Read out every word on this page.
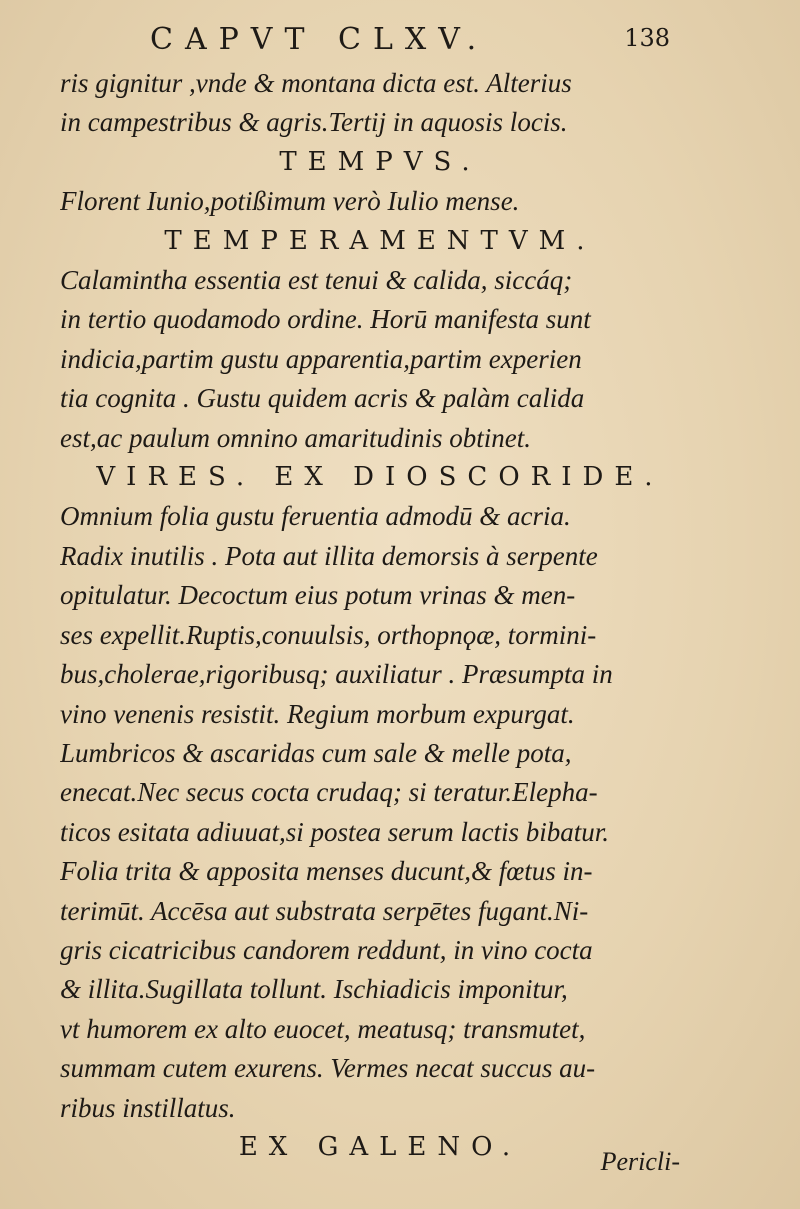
CAPVT CLXV.	138
ris gignitur ,vnde & montana dicta est. Alterius
in campestribus & agris.Tertij in aquosis locis.
TEMPVS.
Florent Iunio,potißimum verò Iulio mense.
TEMPERAMENTVM.
Calamintha essentia est tenui & calida, siccáq;
in tertio quodamodo ordine. Horū manifesta sunt
indicia,partim gustu apparentia,partim experien
tia cognita . Gustu quidem acris & palàm calida
est,ac paulum omnino amaritudinis obtinet.
VIRES. EX DIOSCORIDE.
Omnium folia gustu feruentia admodū & acria.
Radix inutilis . Pota aut illita demorsis à serpente
opitulatur. Decoctum eius potum vrinas & men-
ses expellit.Ruptis,conuulsis, orthopnϙæ, tormini-
bus,cholerae,rigoribusq; auxiliatur . Præsumpta in
vino venenis resistit. Regium morbum expurgat.
Lumbricos & ascaridas cum sale & melle pota,
enecat.Nec secus cocta crudaq; si teratur.Elepha-
ticos esitata adiuuat,si postea serum lactis bibatur.
Folia trita & apposita menses ducunt,& fœtus in-
terimūt. Accēsa aut substrata serpētes fugant.Ni-
gris cicatricibus candorem reddunt, in vino cocta
& illita.Sugillata tollunt. Ischiadicis imponitur,
vt humorem ex alto euocet, meatusq; transmutet,
summam cutem exurens. Vermes necat succus au-
ribus instillatus.
EX GALENO.	Pericli-
